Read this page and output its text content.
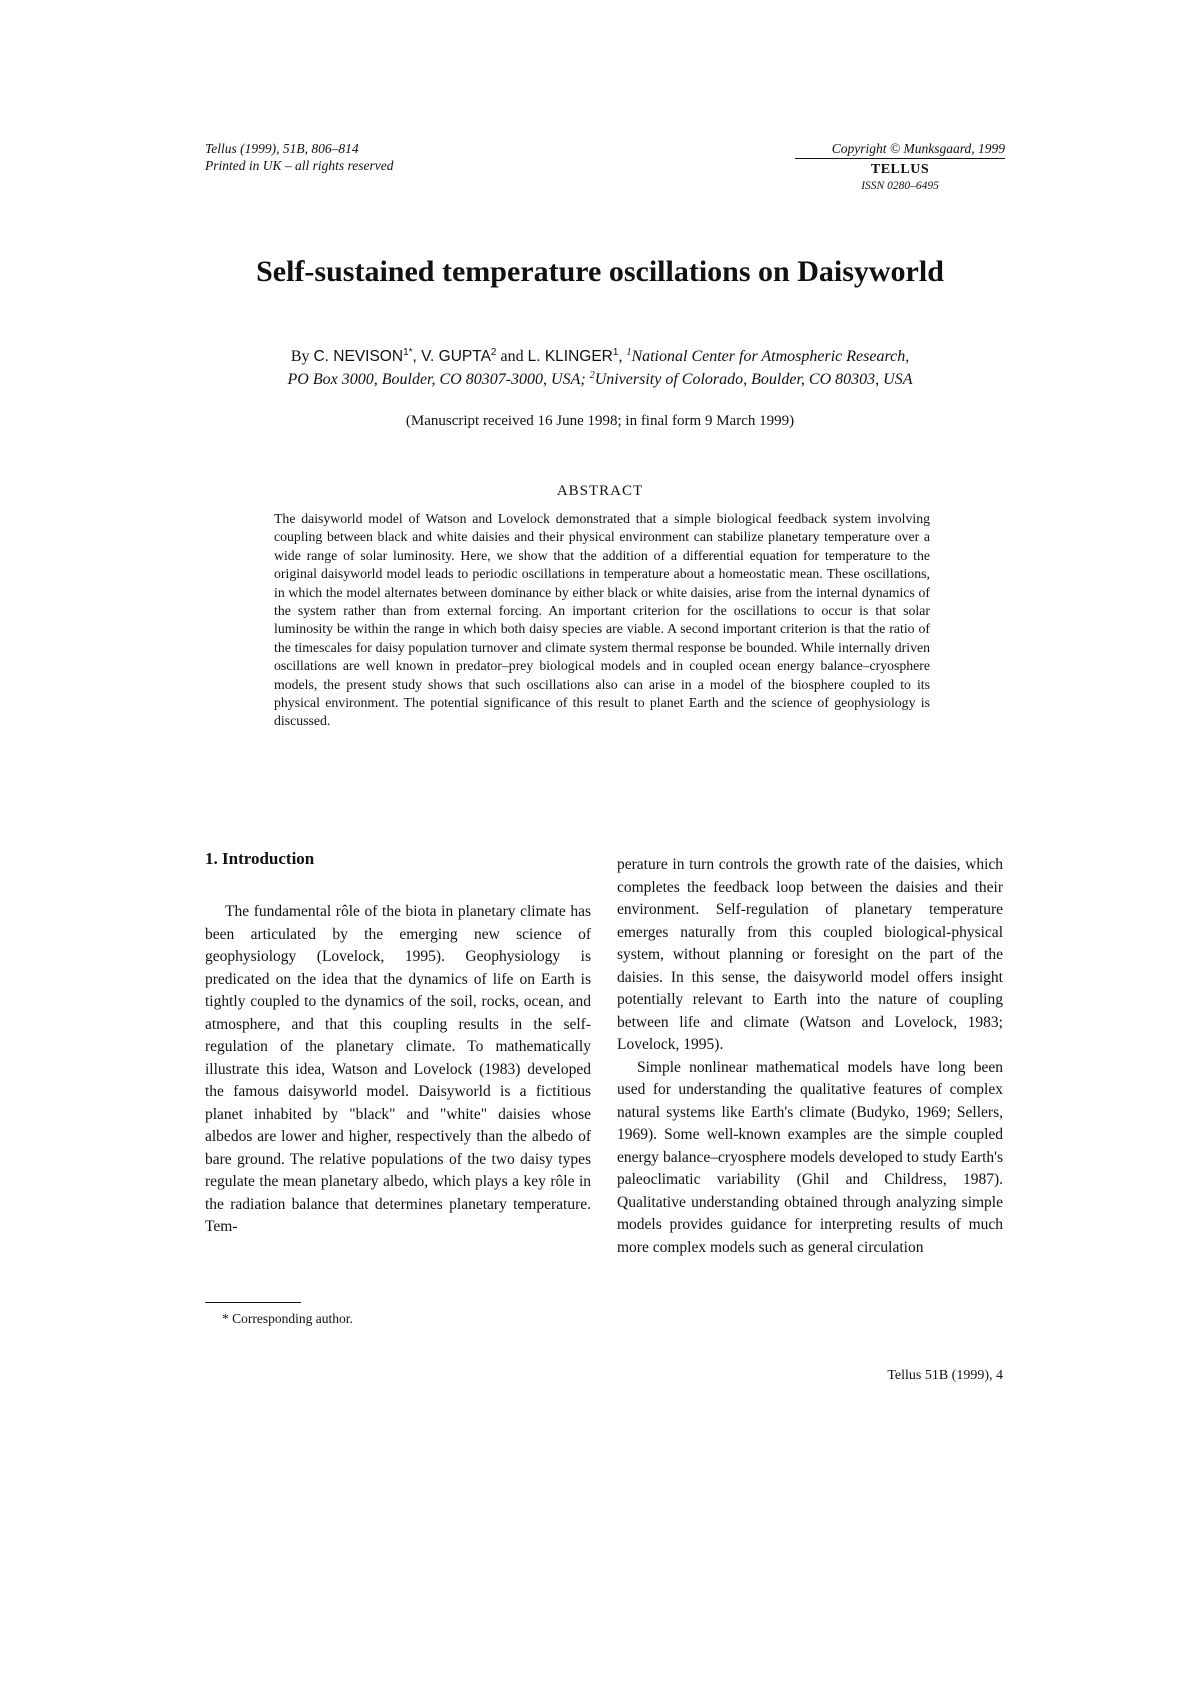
Tellus (1999), 51B, 806–814
Printed in UK – all rights reserved
Copyright © Munksgaard, 1999
TELLUS
ISSN 0280–6495
Self-sustained temperature oscillations on Daisyworld
By C. $NEVISON^{1*}$, V. GUPTA$^2$ and L. KLINGER$^1$, $^1$National Center for Atmospheric Research,
PO Box 3000, Boulder, CO 80307-3000, USA; $^2$University of Colorado, Boulder, CO 80303, USA
(Manuscript received 16 June 1998; in final form 9 March 1999)
ABSTRACT
The daisyworld model of Watson and Lovelock demonstrated that a simple biological feedback system involving coupling between black and white daisies and their physical environment can stabilize planetary temperature over a wide range of solar luminosity. Here, we show that the addition of a differential equation for temperature to the original daisyworld model leads to periodic oscillations in temperature about a homeostatic mean. These oscillations, in which the model alternates between dominance by either black or white daisies, arise from the internal dynamics of the system rather than from external forcing. An important criterion for the oscillations to occur is that solar luminosity be within the range in which both daisy species are viable. A second important criterion is that the ratio of the timescales for daisy population turnover and climate system thermal response be bounded. While internally driven oscillations are well known in predator–prey biological models and in coupled ocean energy balance–cryosphere models, the present study shows that such oscillations also can arise in a model of the biosphere coupled to its physical environment. The potential significance of this result to planet Earth and the science of geophysiology is discussed.
1. Introduction

The fundamental rôle of the biota in planetary climate has been articulated by the emerging new science of geophysiology (Lovelock, 1995). Geophysiology is predicated on the idea that the dynamics of life on Earth is tightly coupled to the dynamics of the soil, rocks, ocean, and atmosphere, and that this coupling results in the self-regulation of the planetary climate. To mathematically illustrate this idea, Watson and Lovelock (1983) developed the famous daisyworld model. Daisyworld is a fictitious planet inhabited by "black" and "white" daisies whose albedos are lower and higher, respectively than the albedo of bare ground. The relative populations of the two daisy types regulate the mean planetary albedo, which plays a key rôle in the radiation balance that determines planetary temperature. Tem-

perature in turn controls the growth rate of the daisies, which completes the feedback loop between the daisies and their environment. Self-regulation of planetary temperature emerges naturally from this coupled biological-physical system, without planning or foresight on the part of the daisies. In this sense, the daisyworld model offers insight potentially relevant to Earth into the nature of coupling between life and climate (Watson and Lovelock, 1983; Lovelock, 1995).

Simple nonlinear mathematical models have long been used for understanding the qualitative features of complex natural systems like Earth's climate (Budyko, 1969; Sellers, 1969). Some well-known examples are the simple coupled energy balance–cryosphere models developed to study Earth's paleoclimatic variability (Ghil and Childress, 1987). Qualitative understanding obtained through analyzing simple models provides guidance for interpreting results of much more complex models such as general circulation

* Corresponding author.
Tellus 51B (1999), 4
